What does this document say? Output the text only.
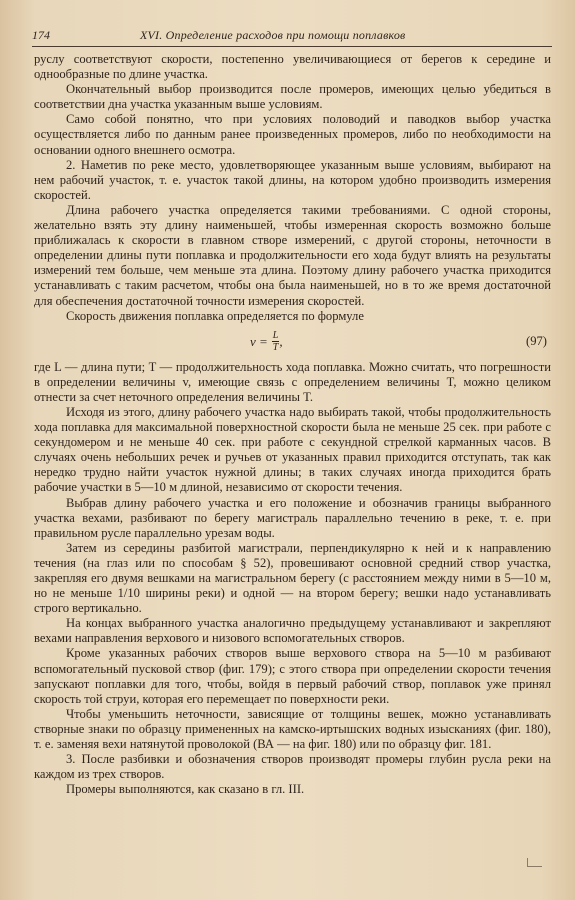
174	XVI. Определение расходов при помощи поплавков

руслу соответствуют скорости, постепенно увеличивающиеся от берегов к середине и однообразные по длине участка.

Окончательный выбор производится после промеров, имеющих целью убедиться в соответствии дна участка указанным выше условиям.

Само собой понятно, что при условиях половодий и паводков выбор участка осуществляется либо по данным ранее произведенных промеров, либо по необходимости на основании одного внешнего осмотра.

2. Наметив по реке место, удовлетворяющее указанным выше условиям, выбирают на нем рабочий участок, т. е. участок такой длины, на котором удобно производить измерения скоростей.

Длина рабочего участка определяется такими требованиями. С одной стороны, желательно взять эту длину наименьшей, чтобы измеренная скорость возможно больше приближалась к скорости в главном створе измерений, с другой стороны, неточности в определении длины пути поплавка и продолжительности его хода будут влиять на результаты измерений тем больше, чем меньше эта длина. Поэтому длину рабочего участка приходится устанавливать с таким расчетом, чтобы она была наименьшей, но в то же время достаточной для обеспечения достаточной точности измерения скоростей.

Скорость движения поплавка определяется по формуле

$v = \frac{L}{T}$ ,	(97)

где L — длина пути; T — продолжительность хода поплавка. Можно считать, что погрешности в определении величины v, имеющие связь с определением величины T, можно целиком отнести за счет неточного определения величины T.

Исходя из этого, длину рабочего участка надо выбирать такой, чтобы продолжительность хода поплавка для максимальной поверхностной скорости была не меньше 25 сек. при работе с секундомером и не меньше 40 сек. при работе с секундной стрелкой карманных часов. В случаях очень небольших речек и ручьев от указанных правил приходится отступать, так как нередко трудно найти участок нужной длины; в таких случаях иногда приходится брать рабочие участки в 5—10 м длиной, независимо от скорости течения.

Выбрав длину рабочего участка и его положение и обозначив границы выбранного участка вехами, разбивают по берегу магистраль параллельно течению в реке, т. е. при правильном русле параллельно урезам воды.

Затем из середины разбитой магистрали, перпендикулярно к ней и к направлению течения (на глаз или по способам § 52), провешивают основной средний створ участка, закрепляя его двумя вешками на магистральном берегу (с расстоянием между ними в 5—10 м, но не меньше 1/10 ширины реки) и одной — на втором берегу; вешки надо устанавливать строго вертикально.

На концах выбранного участка аналогично предыдущему устанавливают и закрепляют вехами направления верхового и низового вспомогательных створов.

Кроме указанных рабочих створов выше верхового створа на 5—10 м разбивают вспомогательный пусковой створ (фиг. 179); с этого створа при определении скорости течения запускают поплавки для того, чтобы, войдя в первый рабочий створ, поплавок уже принял скорость той струи, которая его перемещает по поверхности реки.

Чтобы уменьшить неточности, зависящие от толщины вешек, можно устанавливать створные знаки по образцу примененных на камско-иртышских водных изысканиях (фиг. 180), т. е. заменяя вехи натянутой проволокой (ВА — на фиг. 180) или по образцу фиг. 181.

3. После разбивки и обозначения створов производят промеры глубин русла реки на каждом из трех створов.

Промеры выполняются, как сказано в гл. III.
